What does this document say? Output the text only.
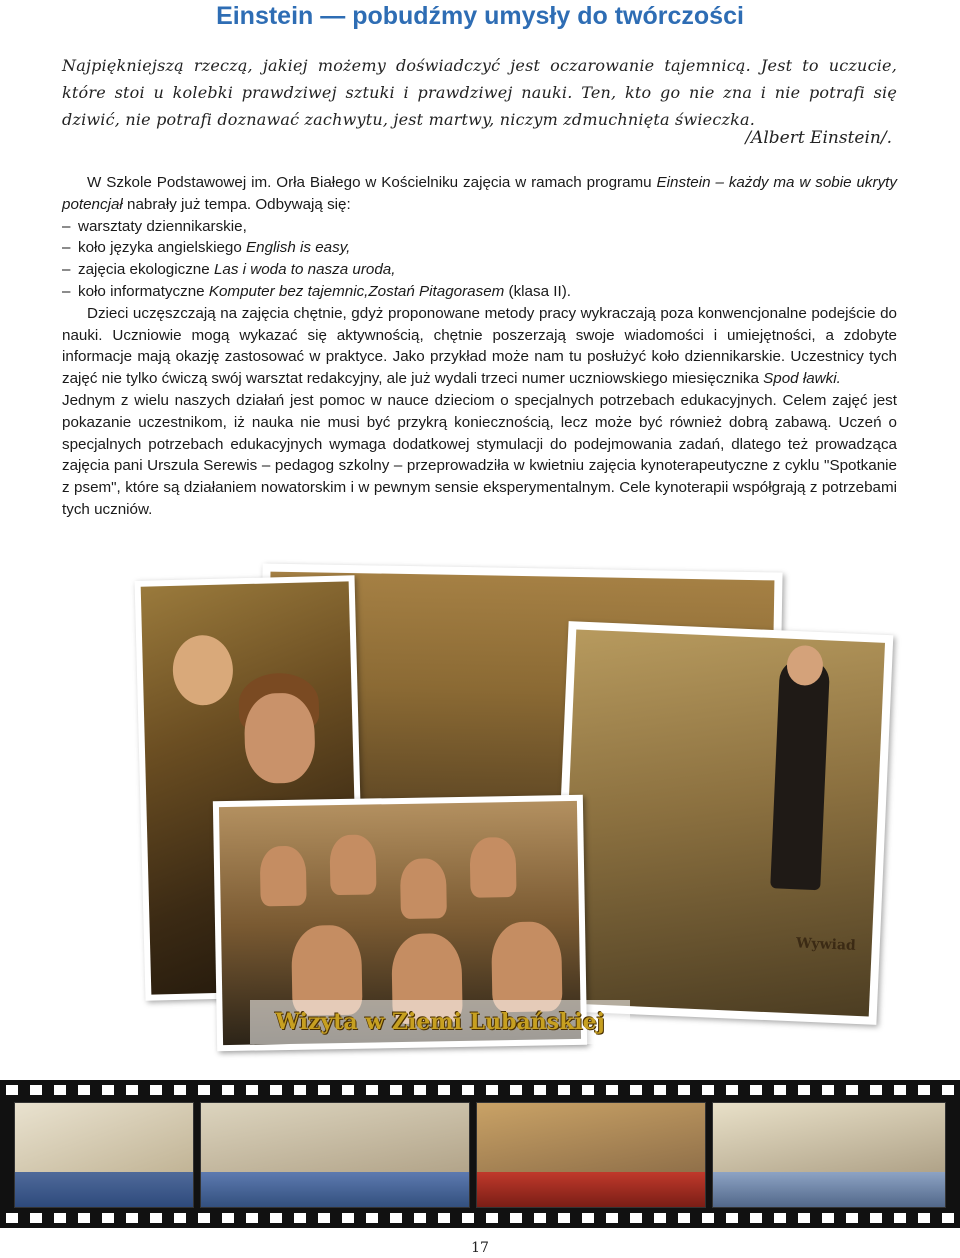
Einstein — pobudźmy umysły do twórczości
Najpiękniejszą rzeczą, jakiej możemy doświadczyć jest oczarowanie tajemnicą. Jest to uczucie, które stoi u kolebki prawdziwej sztuki i prawdziwej nauki. Ten, kto go nie zna i nie potrafi się dziwić, nie potrafi doznawać zachwytu, jest martwy, niczym zdmuchnięta świeczka.
/Albert Einstein/.

W Szkole Podstawowej im. Orła Białego w Kościelniku zajęcia w ramach programu Einstein – każdy ma w sobie ukryty potencjał nabrały już tempa. Odbywają się:

– warsztaty dziennikarskie,
– koło języka angielskiego English is easy,
– zajęcia ekologiczne Las i woda to nasza uroda,
– koło informatyczne Komputer bez tajemnic,Zostań Pitagorasem (klasa II).

Dzieci uczęszczają na zajęcia chętnie, gdyż proponowane metody pracy wykraczają poza konwencjonalne podejście do nauki. Uczniowie mogą wykazać się aktywnością, chętnie poszerzają swoje wiadomości i umiejętności, a zdobyte informacje mają okazję zastosować w praktyce. Jako przykład może nam tu posłużyć koło dziennikarskie. Uczestnicy tych zajęć nie tylko ćwiczą swój warsztat redakcyjny, ale już wydali trzeci numer uczniowskiego miesięcznika Spod ławki.

Jednym z wielu naszych działań jest pomoc w nauce dzieciom o specjalnych potrzebach edukacyjnych. Celem zajęć jest pokazanie uczestnikom, iż nauka nie musi być przykrą koniecznością, lecz może być również dobrą zabawą. Uczeń o specjalnych potrzebach edukacyjnych wymaga dodatkowej stymulacji do podejmowania zadań, dlatego też prowadząca zajęcia pani Urszula Serewis – pedagog szkolny – przeprowadziła w kwietniu zajęcia kynoterapeutyczne z cyklu "Spotkanie z psem", które są działaniem nowatorskim i w pewnym sensie eksperymentalnym. Cele kynoterapii współgrają z potrzebami tych uczniów.

Wywiad
Wizyta w Ziemi Lubańskiej
17
